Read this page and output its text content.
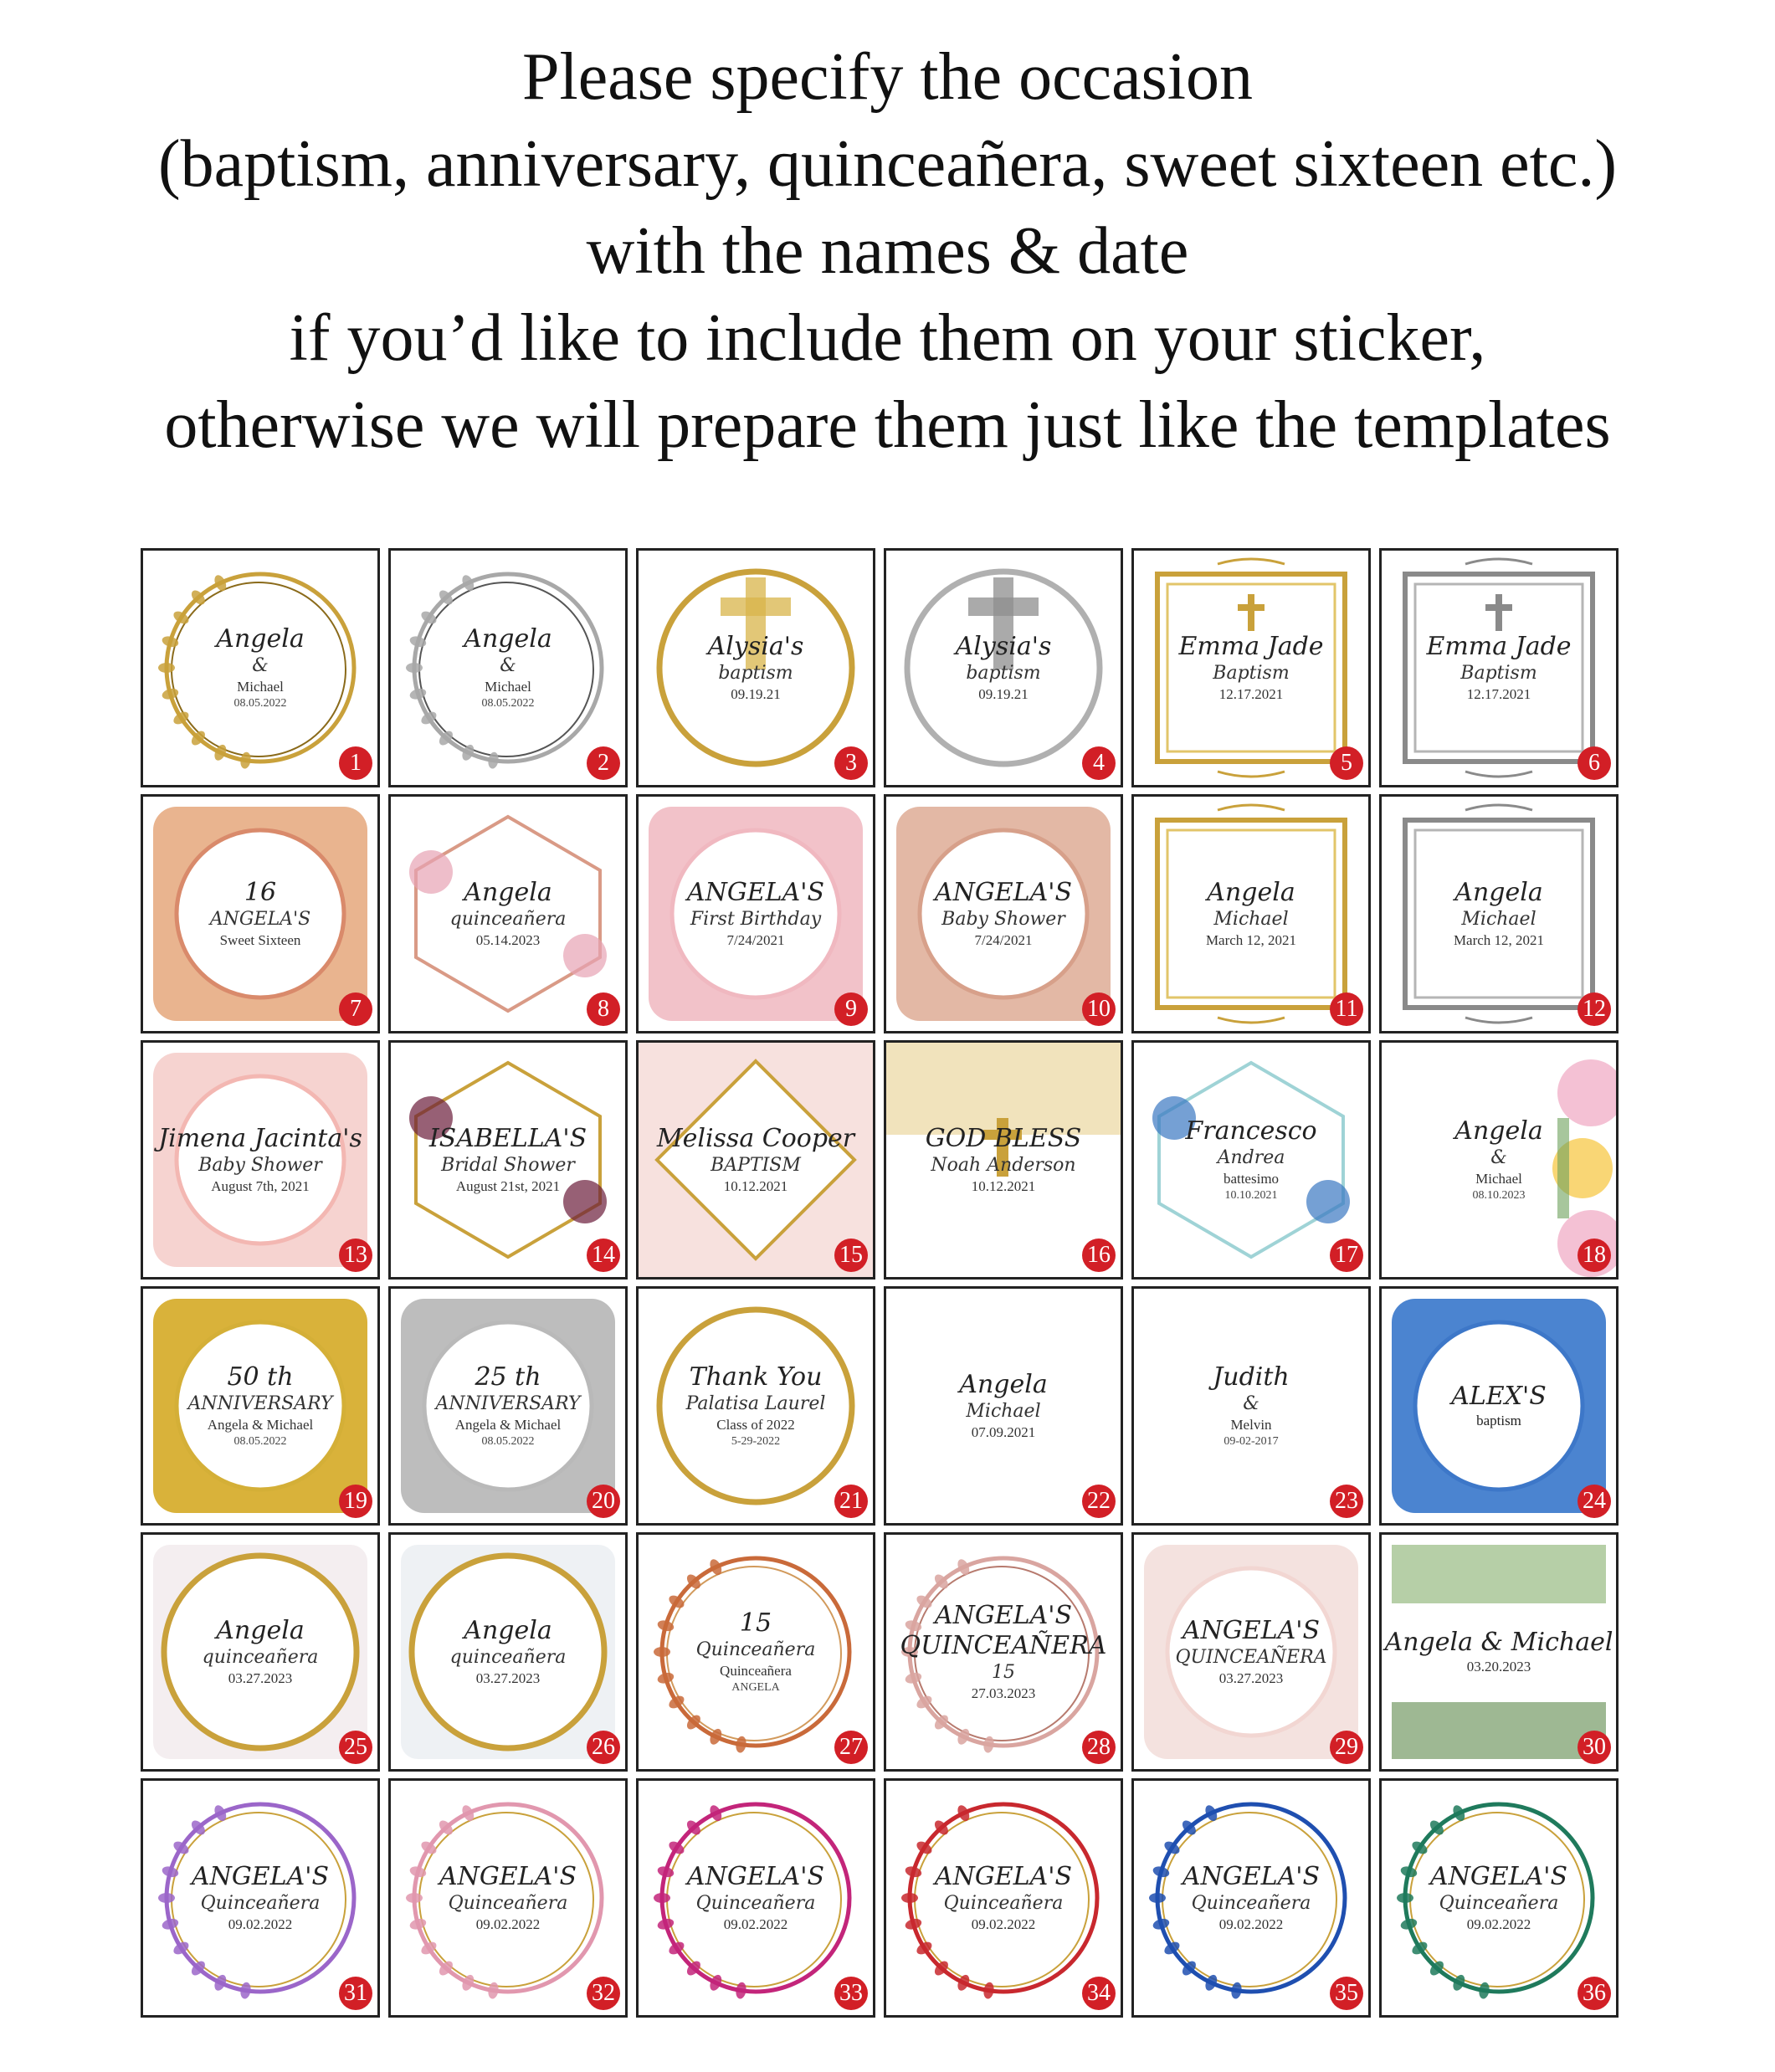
Please specify the occasion
(baptism, anniversary, quinceañera, sweet sixteen etc.)
with the names & date
if you’d like to include them on your sticker,
otherwise we will prepare them just like the templates
Angela
&
Michael
08.05.2022
1
Angela
&
Michael
08.05.2022
2
Alysia's
baptism
09.19.21
3
Alysia's
baptism
09.19.21
4
Emma Jade
Baptism
12.17.2021
5
Emma Jade
Baptism
12.17.2021
6
16
ANGELA'S
Sweet Sixteen
7
Angela
quinceañera
05.14.2023
8
ANGELA'S
First Birthday
7/24/2021
9
ANGELA'S
Baby Shower
7/24/2021
10
Angela
Michael
March 12, 2021
11
Angela
Michael
March 12, 2021
12
Jimena Jacinta's
Baby Shower
August 7th, 2021
13
ISABELLA'S
Bridal Shower
August 21st, 2021
14
Melissa Cooper
BAPTISM
10.12.2021
15
GOD BLESS
Noah Anderson
10.12.2021
16
Francesco
Andrea
battesimo
10.10.2021
17
Angela
&
Michael
08.10.2023
18
50 th
ANNIVERSARY
Angela & Michael
08.05.2022
19
25 th
ANNIVERSARY
Angela & Michael
08.05.2022
20
Thank You
Palatisa Laurel
Class of 2022
5-29-2022
21
Angela
Michael
07.09.2021
22
Judith
&
Melvin
09-02-2017
23
ALEX'S
baptism
24
Angela
quinceañera
03.27.2023
25
Angela
quinceañera
03.27.2023
26
15
Quinceañera
Quinceañera
ANGELA
27
ANGELA'S QUINCEAÑERA
15
27.03.2023
28
ANGELA'S
QUINCEAÑERA
03.27.2023
29
Angela & Michael
03.20.2023
30
ANGELA'S
Quinceañera
09.02.2022
31
ANGELA'S
Quinceañera
09.02.2022
32
ANGELA'S
Quinceañera
09.02.2022
33
ANGELA'S
Quinceañera
09.02.2022
34
ANGELA'S
Quinceañera
09.02.2022
35
ANGELA'S
Quinceañera
09.02.2022
36
